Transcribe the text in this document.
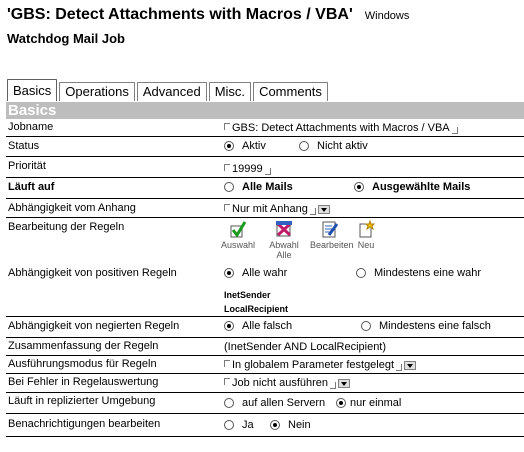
'GBS: Detect Attachments with Macros / VBA' Windows
Watchdog Mail Job
Basics	Operations	Advanced	Misc.	Comments
Basics
Jobname	GBS: Detect Attachments with Macros / VBA
Status	Aktiv	Nicht aktiv
Priorität	19999
Läuft auf	Alle Mails	Ausgewählte Mails
Abhängigkeit vom Anhang	Nur mit Anhang
Bearbeitung der Regeln
Auswahl	Abwahl
Alle
Bearbeiten Neu
Abhängigkeit von positiven Regeln	Alle wahr	Mindestens eine wahr
InetSender
LocalRecipient
Abhängigkeit von negierten Regeln	Alle falsch	Mindestens eine falsch
Zusammenfassung der Regeln	(InetSender AND LocalRecipient)
Ausführungsmodus für Regeln	In globalem Parameter festgelegt
Bei Fehler in Regelauswertung	Job nicht ausführen
Läuft in replizierter Umgebung	auf allen Servern	nur einmal
Benachrichtigungen bearbeiten	Ja	Nein
